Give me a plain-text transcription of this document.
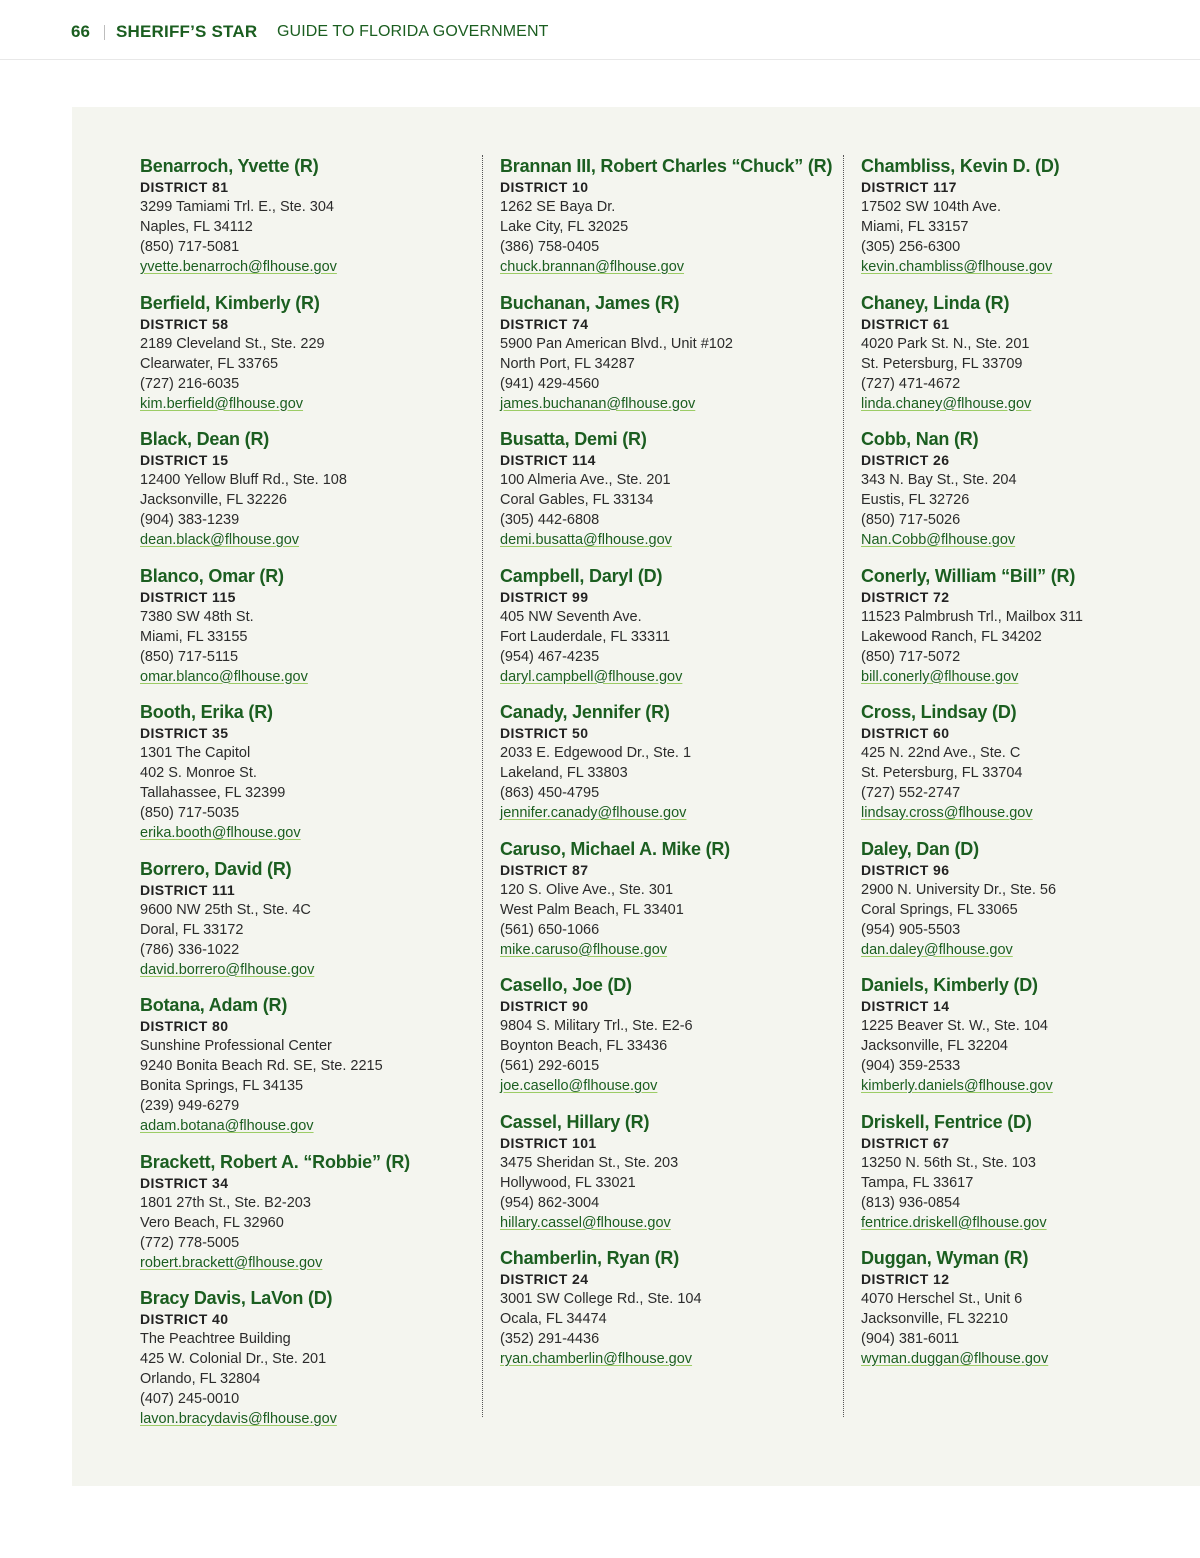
66 SHERIFF’S STAR GUIDE TO FLORIDA GOVERNMENT
Benarroch, Yvette (R)
DISTRICT 81
3299 Tamiami Trl. E., Ste. 304
Naples, FL 34112
(850) 717-5081
yvette.benarroch@flhouse.gov
Berfield, Kimberly (R)
DISTRICT 58
2189 Cleveland St., Ste. 229
Clearwater, FL 33765
(727) 216-6035
kim.berfield@flhouse.gov
Black, Dean (R)
DISTRICT 15
12400 Yellow Bluff Rd., Ste. 108
Jacksonville, FL 32226
(904) 383-1239
dean.black@flhouse.gov
Blanco, Omar (R)
DISTRICT 115
7380 SW 48th St.
Miami, FL 33155
(850) 717-5115
omar.blanco@flhouse.gov
Booth, Erika (R)
DISTRICT 35
1301 The Capitol
402 S. Monroe St.
Tallahassee, FL 32399
(850) 717-5035
erika.booth@flhouse.gov
Borrero, David (R)
DISTRICT 111
9600 NW 25th St., Ste. 4C
Doral, FL 33172
(786) 336-1022
david.borrero@flhouse.gov
Botana, Adam (R)
DISTRICT 80
Sunshine Professional Center
9240 Bonita Beach Rd. SE, Ste. 2215
Bonita Springs, FL 34135
(239) 949-6279
adam.botana@flhouse.gov
Brackett, Robert A. “Robbie” (R)
DISTRICT 34
1801 27th St., Ste. B2-203
Vero Beach, FL 32960
(772) 778-5005
robert.brackett@flhouse.gov
Bracy Davis, LaVon (D)
DISTRICT 40
The Peachtree Building
425 W. Colonial Dr., Ste. 201
Orlando, FL 32804
(407) 245-0010
lavon.bracydavis@flhouse.gov
Brannan III, Robert Charles “Chuck” (R)
DISTRICT 10
1262 SE Baya Dr.
Lake City, FL 32025
(386) 758-0405
chuck.brannan@flhouse.gov
Buchanan, James (R)
DISTRICT 74
5900 Pan American Blvd., Unit #102
North Port, FL 34287
(941) 429-4560
james.buchanan@flhouse.gov
Busatta, Demi (R)
DISTRICT 114
100 Almeria Ave., Ste. 201
Coral Gables, FL 33134
(305) 442-6808
demi.busatta@flhouse.gov
Campbell, Daryl (D)
DISTRICT 99
405 NW Seventh Ave.
Fort Lauderdale, FL 33311
(954) 467-4235
daryl.campbell@flhouse.gov
Canady, Jennifer (R)
DISTRICT 50
2033 E. Edgewood Dr., Ste. 1
Lakeland, FL 33803
(863) 450-4795
jennifer.canady@flhouse.gov
Caruso, Michael A. Mike (R)
DISTRICT 87
120 S. Olive Ave., Ste. 301
West Palm Beach, FL 33401
(561) 650-1066
mike.caruso@flhouse.gov
Casello, Joe (D)
DISTRICT 90
9804 S. Military Trl., Ste. E2-6
Boynton Beach, FL 33436
(561) 292-6015
joe.casello@flhouse.gov
Cassel, Hillary (R)
DISTRICT 101
3475 Sheridan St., Ste. 203
Hollywood, FL 33021
(954) 862-3004
hillary.cassel@flhouse.gov
Chamberlin, Ryan (R)
DISTRICT 24
3001 SW College Rd., Ste. 104
Ocala, FL 34474
(352) 291-4436
ryan.chamberlin@flhouse.gov
Chambliss, Kevin D. (D)
DISTRICT 117
17502 SW 104th Ave.
Miami, FL 33157
(305) 256-6300
kevin.chambliss@flhouse.gov
Chaney, Linda (R)
DISTRICT 61
4020 Park St. N., Ste. 201
St. Petersburg, FL 33709
(727) 471-4672
linda.chaney@flhouse.gov
Cobb, Nan (R)
DISTRICT 26
343 N. Bay St., Ste. 204
Eustis, FL 32726
(850) 717-5026
Nan.Cobb@flhouse.gov
Conerly, William “Bill” (R)
DISTRICT 72
11523 Palmbrush Trl., Mailbox 311
Lakewood Ranch, FL 34202
(850) 717-5072
bill.conerly@flhouse.gov
Cross, Lindsay (D)
DISTRICT 60
425 N. 22nd Ave., Ste. C
St. Petersburg, FL 33704
(727) 552-2747
lindsay.cross@flhouse.gov
Daley, Dan (D)
DISTRICT 96
2900 N. University Dr., Ste. 56
Coral Springs, FL 33065
(954) 905-5503
dan.daley@flhouse.gov
Daniels, Kimberly (D)
DISTRICT 14
1225 Beaver St. W., Ste. 104
Jacksonville, FL 32204
(904) 359-2533
kimberly.daniels@flhouse.gov
Driskell, Fentrice (D)
DISTRICT 67
13250 N. 56th St., Ste. 103
Tampa, FL 33617
(813) 936-0854
fentrice.driskell@flhouse.gov
Duggan, Wyman (R)
DISTRICT 12
4070 Herschel St., Unit 6
Jacksonville, FL 32210
(904) 381-6011
wyman.duggan@flhouse.gov
